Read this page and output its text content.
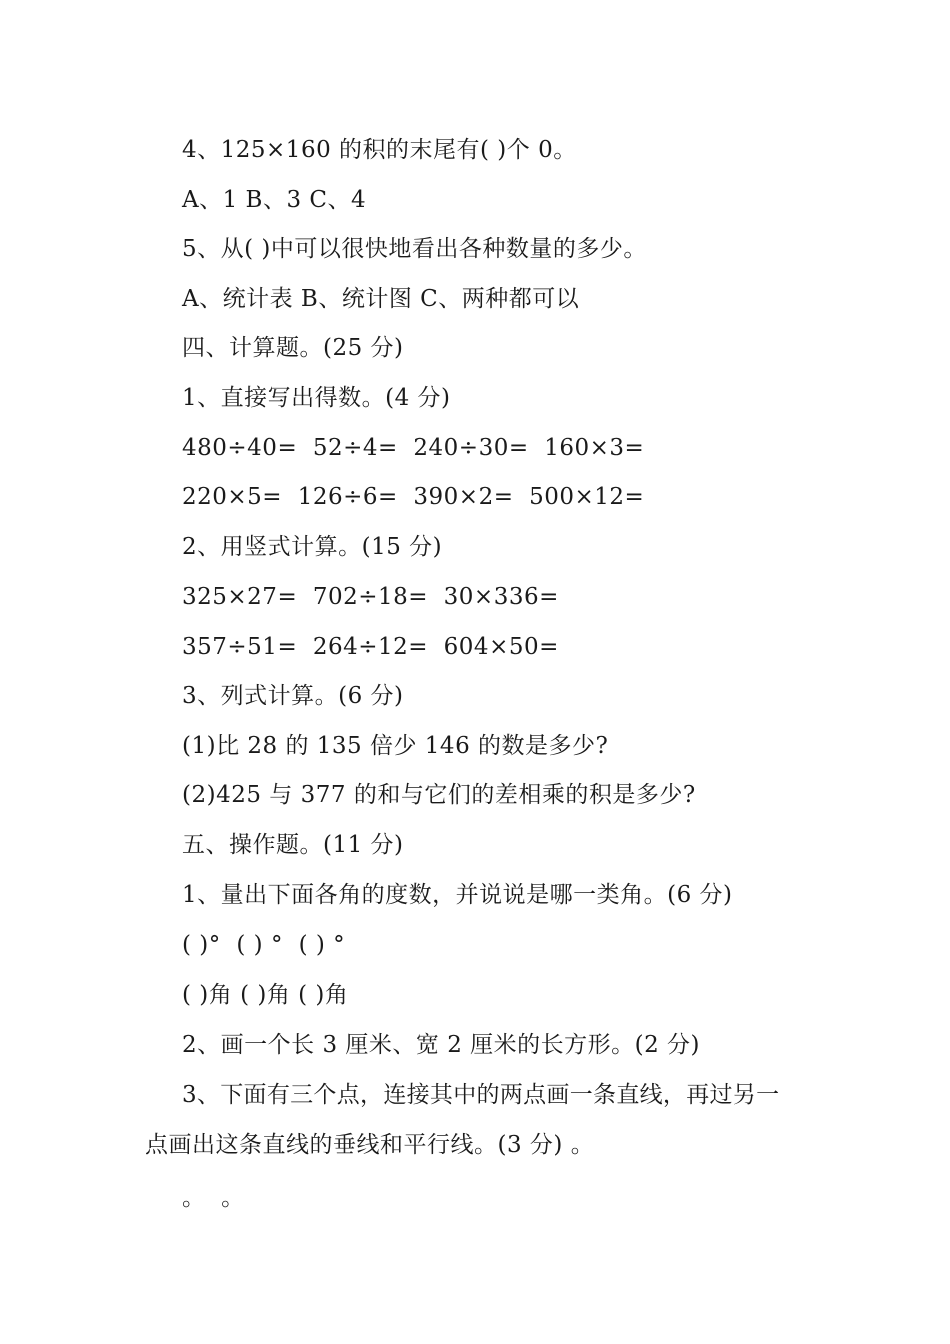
4、125×160 的积的末尾有( )个 0。
A、1 B、3 C、4
5、从( )中可以很快地看出各种数量的多少。
A、统计表 B、统计图 C、两种都可以
四、计算题。(25 分)
1、直接写出得数。(4 分)
480÷40=  52÷4=  240÷30=  160×3=
220×5=  126÷6=  390×2=  500×12=
2、用竖式计算。(15 分)
325×27=  702÷18=  30×336=
357÷51=  264÷12=  604×50=
3、列式计算。(6 分)
(1)比 28 的 135 倍少 146 的数是多少?
(2)425 与 377 的和与它们的差相乘的积是多少?
五、操作题。(11 分)
1、量出下面各角的度数，并说说是哪一类角。(6 分)
( )°  ( ) °  ( ) °
( )角 ( )角 ( )角
2、画一个长 3 厘米、宽 2 厘米的长方形。(2 分)
3、下面有三个点，连接其中的两点画一条直线，再过另一
点画出这条直线的垂线和平行线。(3 分) 。
。  。
